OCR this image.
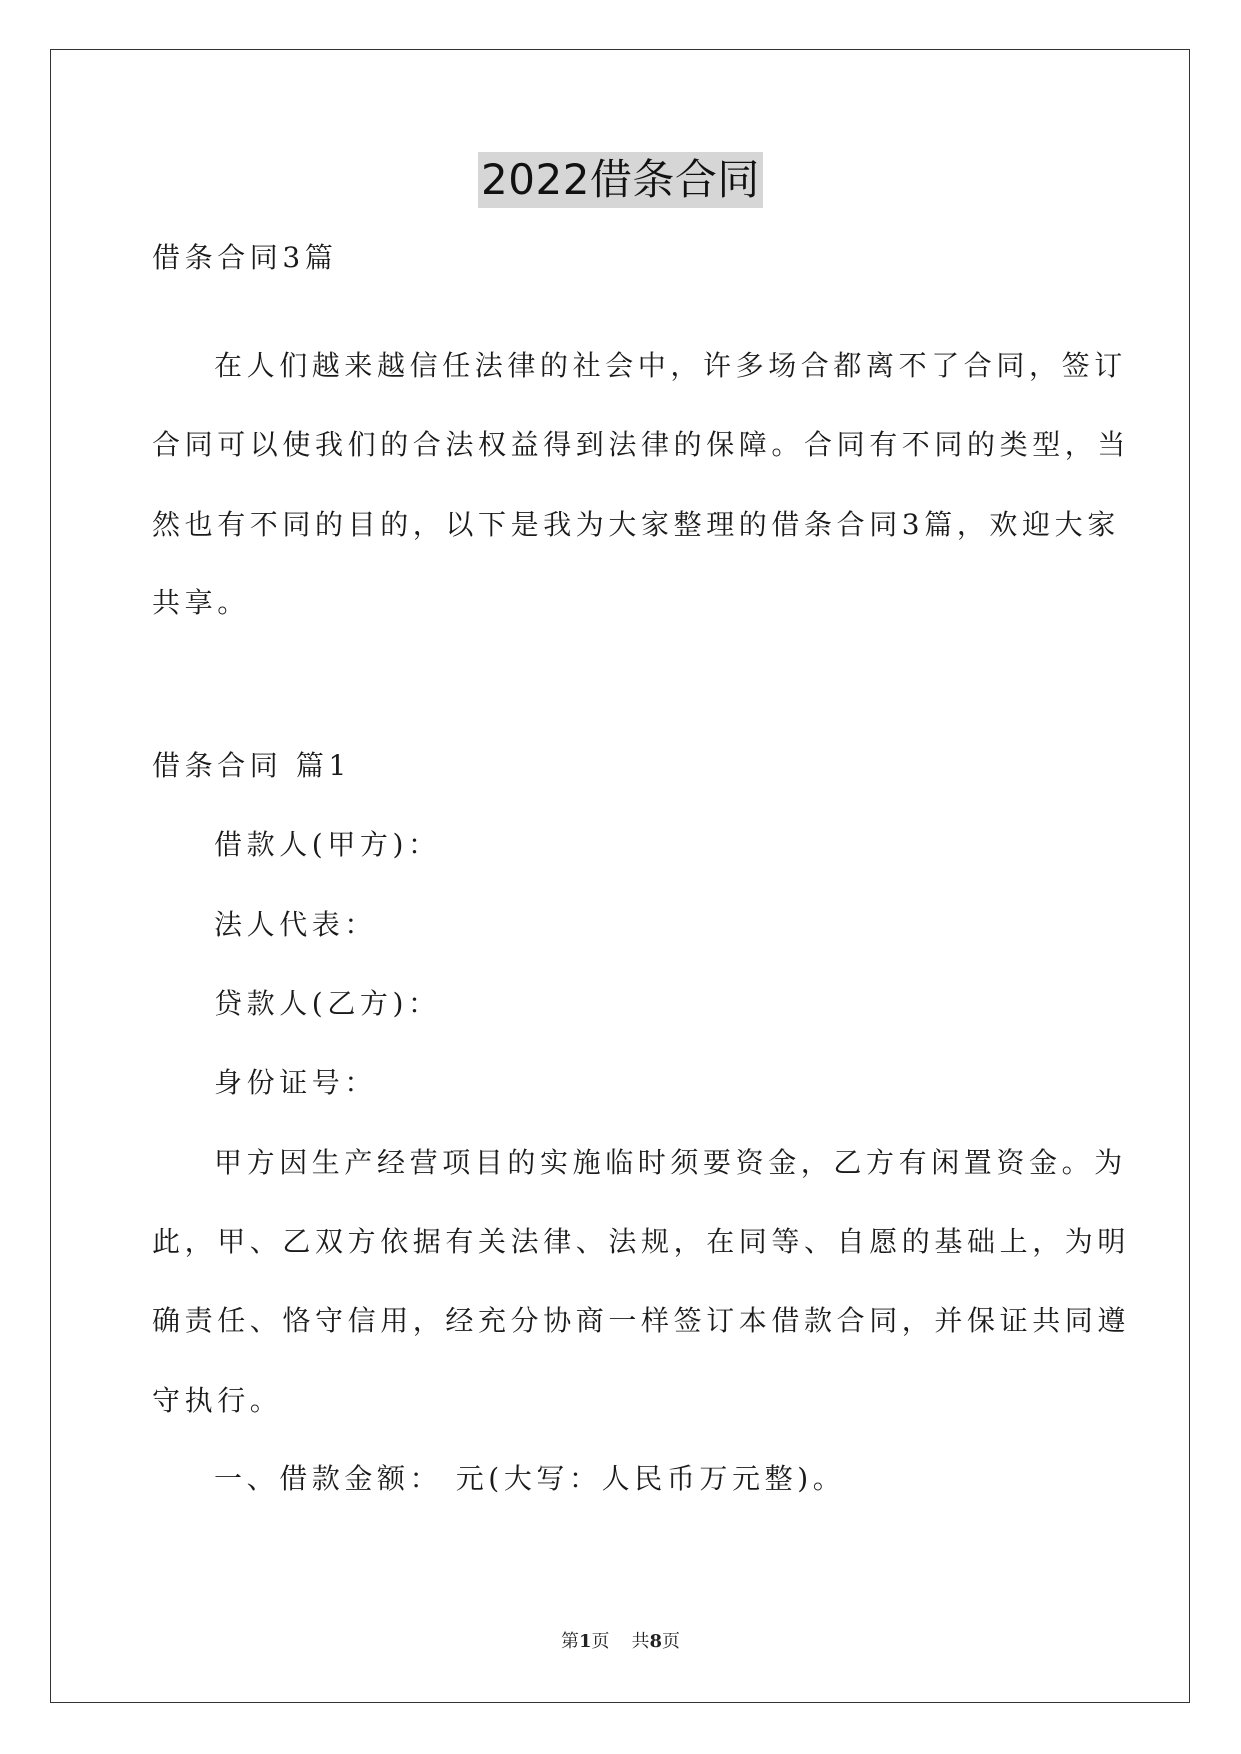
2022借条合同
借条合同3篇
在人们越来越信任法律的社会中，许多场合都离不了合同，签订
合同可以使我们的合法权益得到法律的保障。合同有不同的类型，当
然也有不同的目的，以下是我为大家整理的借条合同3篇，欢迎大家
共享。
借条合同 篇1
借款人(甲方)：
法人代表：
贷款人(乙方)：
身份证号：
甲方因生产经营项目的实施临时须要资金，乙方有闲置资金。为
此，甲、乙双方依据有关法律、法规，在同等、自愿的基础上，为明
确责任、恪守信用，经充分协商一样签订本借款合同，并保证共同遵
守执行。
一、借款金额： 元(大写：人民币万元整)。
第1页 共8页
